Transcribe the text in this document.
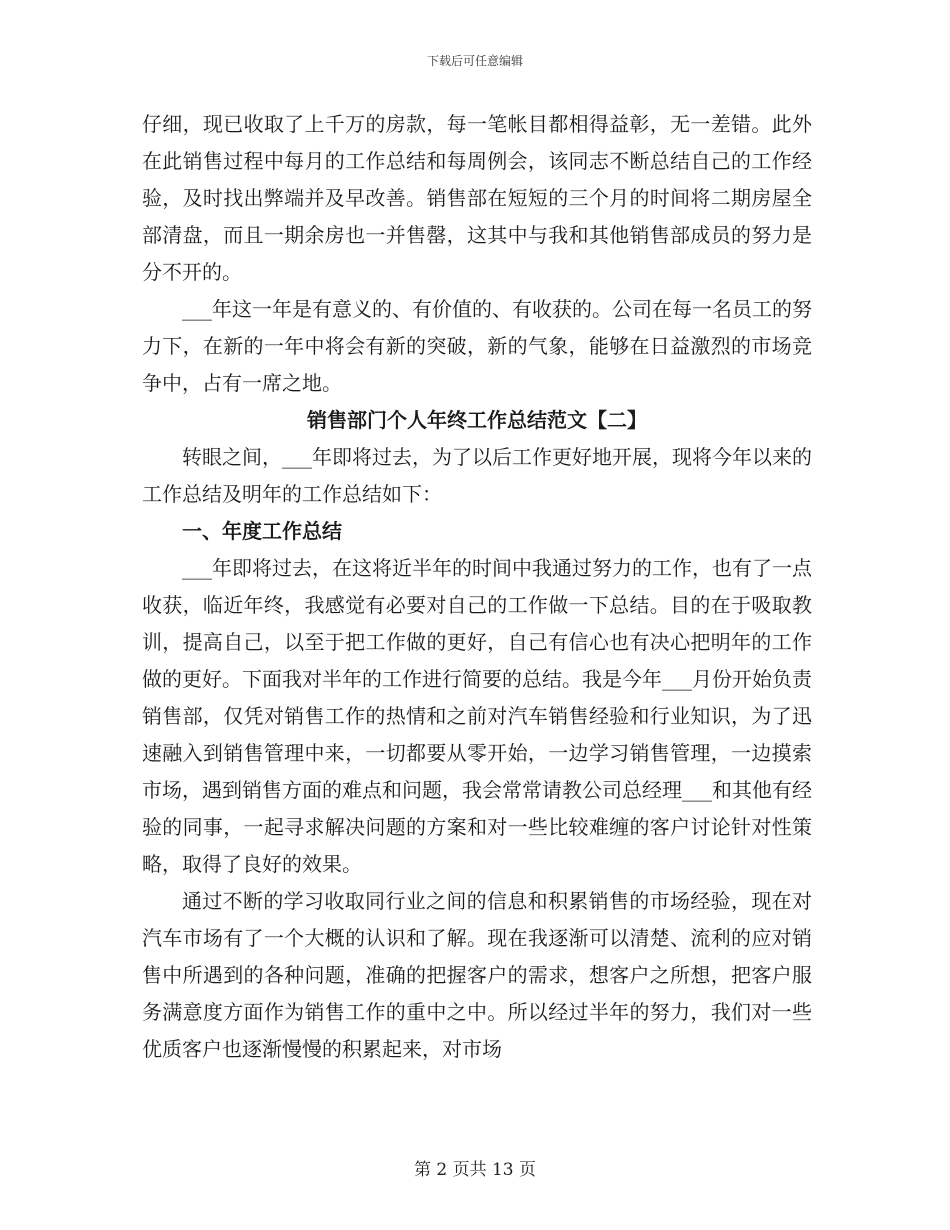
下载后可任意编辑

仔细，现已收取了上千万的房款，每一笔帐目都相得益彰，无一差错。此外在此销售过程中每月的工作总结和每周例会，该同志不断总结自己的工作经验，及时找出弊端并及早改善。销售部在短短的三个月的时间将二期房屋全部清盘，而且一期余房也一并售罄，这其中与我和其他销售部成员的努力是分不开的。

___年这一年是有意义的、有价值的、有收获的。公司在每一名员工的努力下，在新的一年中将会有新的突破，新的气象，能够在日益激烈的市场竞争中，占有一席之地。

销售部门个人年终工作总结范文【二】

转眼之间，___年即将过去，为了以后工作更好地开展，现将今年以来的工作总结及明年的工作总结如下：

一、年度工作总结

___年即将过去，在这将近半年的时间中我通过努力的工作，也有了一点收获，临近年终，我感觉有必要对自己的工作做一下总结。目的在于吸取教训，提高自己，以至于把工作做的更好，自己有信心也有决心把明年的工作做的更好。下面我对半年的工作进行简要的总结。我是今年___月份开始负责销售部，仅凭对销售工作的热情和之前对汽车销售经验和行业知识，为了迅速融入到销售管理中来，一切都要从零开始，一边学习销售管理，一边摸索市场，遇到销售方面的难点和问题，我会常常请教公司总经理___和其他有经验的同事，一起寻求解决问题的方案和对一些比较难缠的客户讨论针对性策略，取得了良好的效果。

通过不断的学习收取同行业之间的信息和积累销售的市场经验，现在对汽车市场有了一个大概的认识和了解。现在我逐渐可以清楚、流利的应对销售中所遇到的各种问题，准确的把握客户的需求，想客户之所想，把客户服务满意度方面作为销售工作的重中之中。所以经过半年的努力，我们对一些优质客户也逐渐慢慢的积累起来，对市场

第 2 页共 13 页
